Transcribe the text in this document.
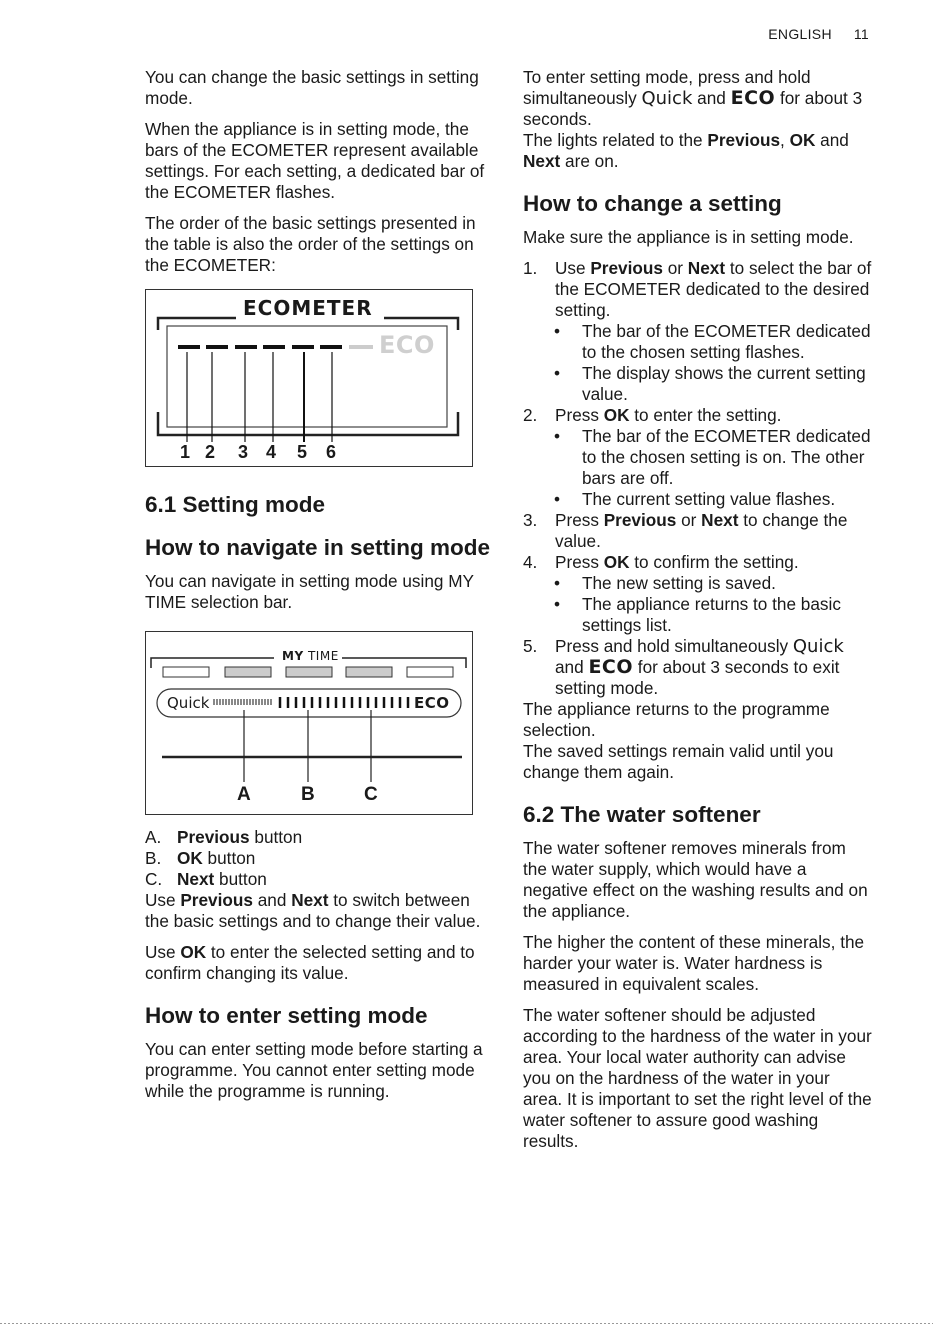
ENGLISH 11

You can change the basic settings in setting mode.

When the appliance is in setting mode, the bars of the ECOMETER represent available settings. For each setting, a dedicated bar of the ECOMETER flashes.

The order of the basic settings presented in the table is also the order of the settings on the ECOMETER:

ECOMETER
ECO
1 2 3 4 5 6
6.1 Setting mode
How to navigate in setting mode

You can navigate in setting mode using MY TIME selection bar.

MY TIME
Quick	ECO
A	B	C
A. Previous button
B. OK button
C. Next button

Use Previous and Next to switch between the basic settings and to change their value.

Use OK to enter the selected setting and to confirm changing its value.

How to enter setting mode

You can enter setting mode before starting a programme. You cannot enter setting mode while the programme is running.

To enter setting mode, press and hold simultaneously Quick and ECO for about 3 seconds.

The lights related to the Previous, OK and Next are on.

How to change a setting

Make sure the appliance is in setting mode.

1. Use Previous or Next to select the bar of the ECOMETER dedicated to the desired setting.
• The bar of the ECOMETER dedicated to the chosen setting flashes.
• The display shows the current setting value.
2. Press OK to enter the setting.
• The bar of the ECOMETER dedicated to the chosen setting is on. The other bars are off.
• The current setting value flashes.
3. Press Previous or Next to change the value.
4. Press OK to confirm the setting.
• The new setting is saved.
• The appliance returns to the basic settings list.
5. Press and hold simultaneously Quick and ECO for about 3 seconds to exit setting mode.

The appliance returns to the programme selection.

The saved settings remain valid until you change them again.

6.2 The water softener

The water softener removes minerals from the water supply, which would have a negative effect on the washing results and on the appliance.

The higher the content of these minerals, the harder your water is. Water hardness is measured in equivalent scales.

The water softener should be adjusted according to the hardness of the water in your area. Your local water authority can advise you on the hardness of the water in your area. It is important to set the right level of the water softener to assure good washing results.
